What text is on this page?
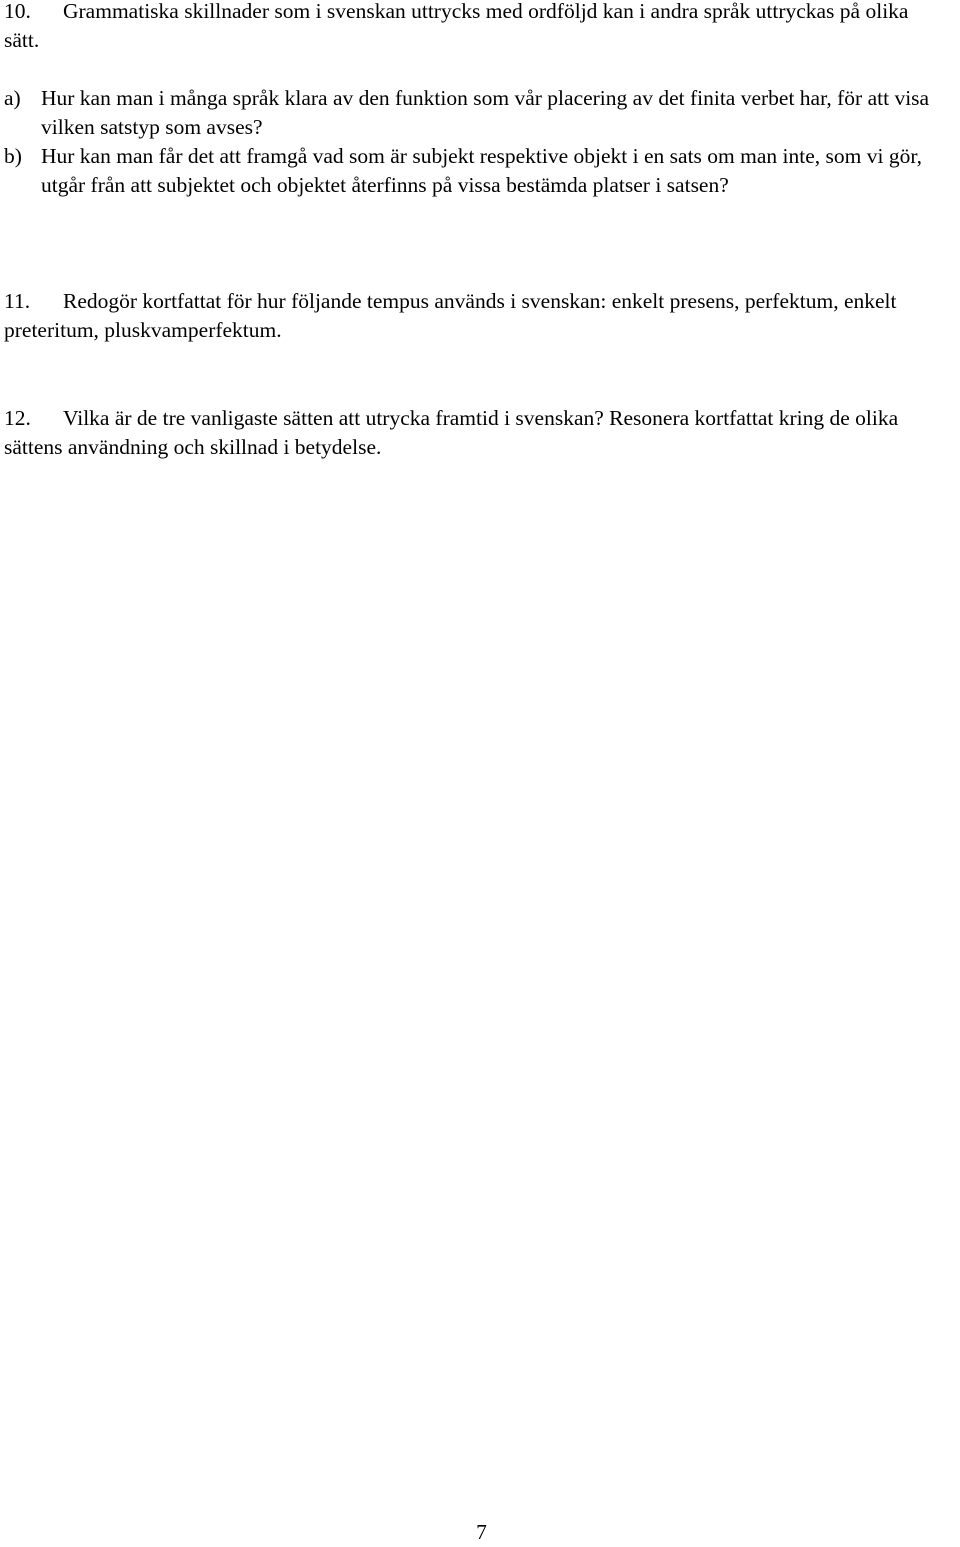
10.	Grammatiska skillnader som i svenskan uttrycks med ordföljd kan i andra språk uttryckas på olika sätt.
a) Hur kan man i många språk klara av den funktion som vår placering av det finita verbet har, för att visa vilken satstyp som avses?
b) Hur kan man får det att framgå vad som är subjekt respektive objekt i en sats om man inte, som vi gör, utgår från att subjektet och objektet återfinns på vissa bestämda platser i satsen?
11.	Redogör kortfattat för hur följande tempus används i svenskan: enkelt presens, perfektum, enkelt preteritum, pluskvamperfektum.
12.	Vilka är de tre vanligaste sätten att utrycka framtid i svenskan? Resonera kortfattat kring de olika sättens användning och skillnad i betydelse.
7
